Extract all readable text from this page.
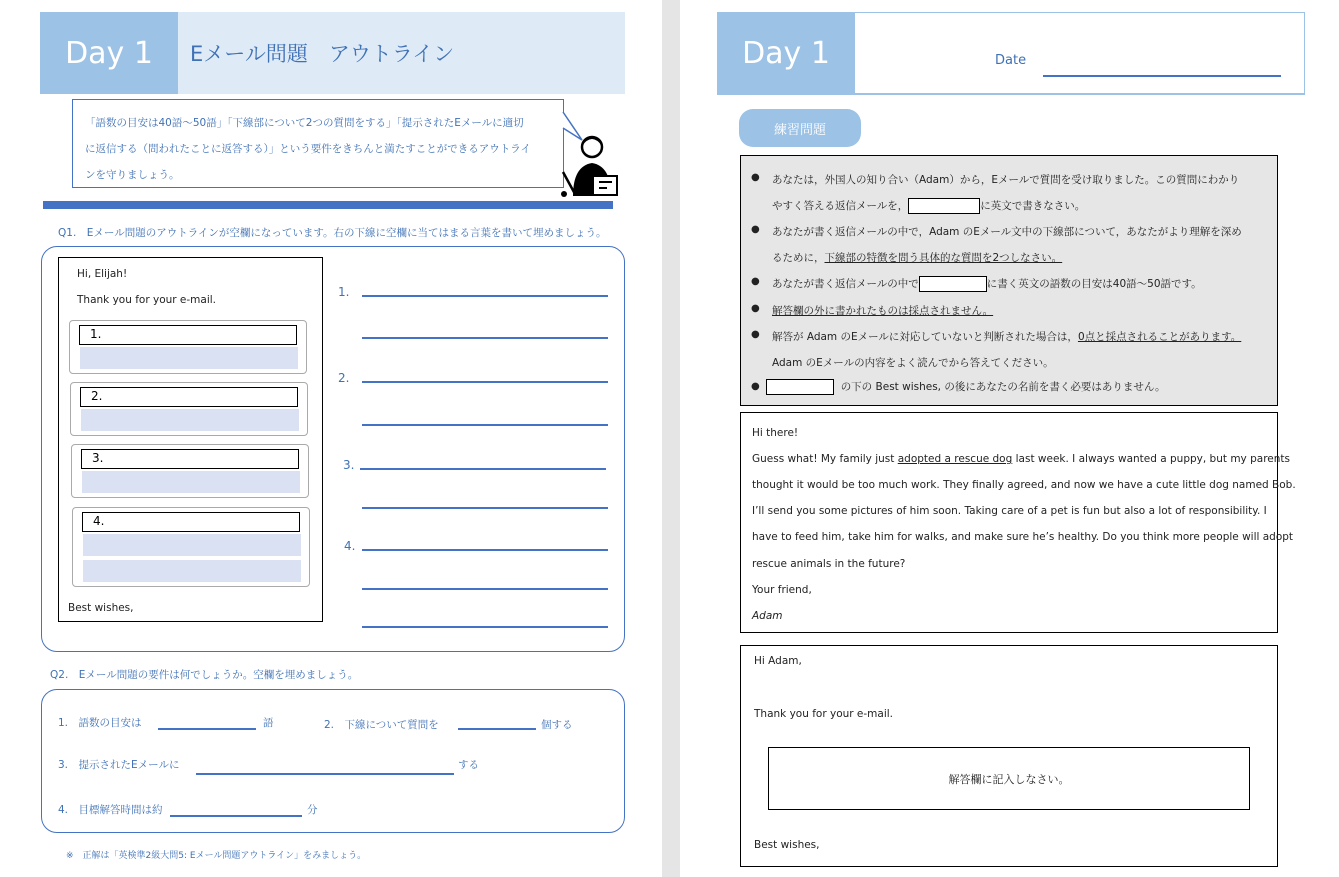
Day 1	Eメール問題　アウトライン
「語数の目安は40語〜50語」「下線部について2つの質問をする」「提示されたEメールに適切
に返信する（問われたことに返答する）」という要件をきちんと満たすことができるアウトライ
ンを守りましょう。
Q1.　Eメール問題のアウトラインが空欄になっています。右の下線に空欄に当てはまる言葉を書いて埋めましょう。
Hi, Elijah!
Thank you for your e-mail.
1.
2.
3.
4.
Best wishes,
1.
2.
3.
4.
Q2.　Eメール問題の要件は何でしょうか。空欄を埋めましょう。
1.　語数の目安は	語	2.　下線について質問を	個する
3.　提示されたEメールに	する
4.　目標解答時間は約	分
※　正解は「英検準2級大問5: Eメール問題アウトライン」をみましょう。
Day 1	Date
練習問題
● あなたは，外国人の知り合い（Adam）から，Eメールで質問を受け取りました。この質問にわかり
やすく答える返信メールを，	に英文で書きなさい。
● あなたが書く返信メールの中で，Adam のEメール文中の下線部について，あなたがより理解を深め
るために，下線部の特徴を問う具体的な質問を2つしなさい。
● あなたが書く返信メールの中で	に書く英文の語数の目安は40語〜50語です。
● 解答欄の外に書かれたものは採点されません。
● 解答が Adam のEメールに対応していないと判断された場合は，0点と採点されることがあります。
Adam のEメールの内容をよく読んでから答えてください。
●	の下の Best wishes, の後にあなたの名前を書く必要はありません。
Hi there!
Guess what! My family just adopted a rescue dog last week. I always wanted a puppy, but my parents
thought it would be too much work. They finally agreed, and now we have a cute little dog named Bob.
I’ll send you some pictures of him soon. Taking care of a pet is fun but also a lot of responsibility. I
have to feed him, take him for walks, and make sure he’s healthy. Do you think more people will adopt
rescue animals in the future?
Your friend,
Adam
Hi Adam,
Thank you for your e-mail.
解答欄に記入しなさい。
Best wishes,
